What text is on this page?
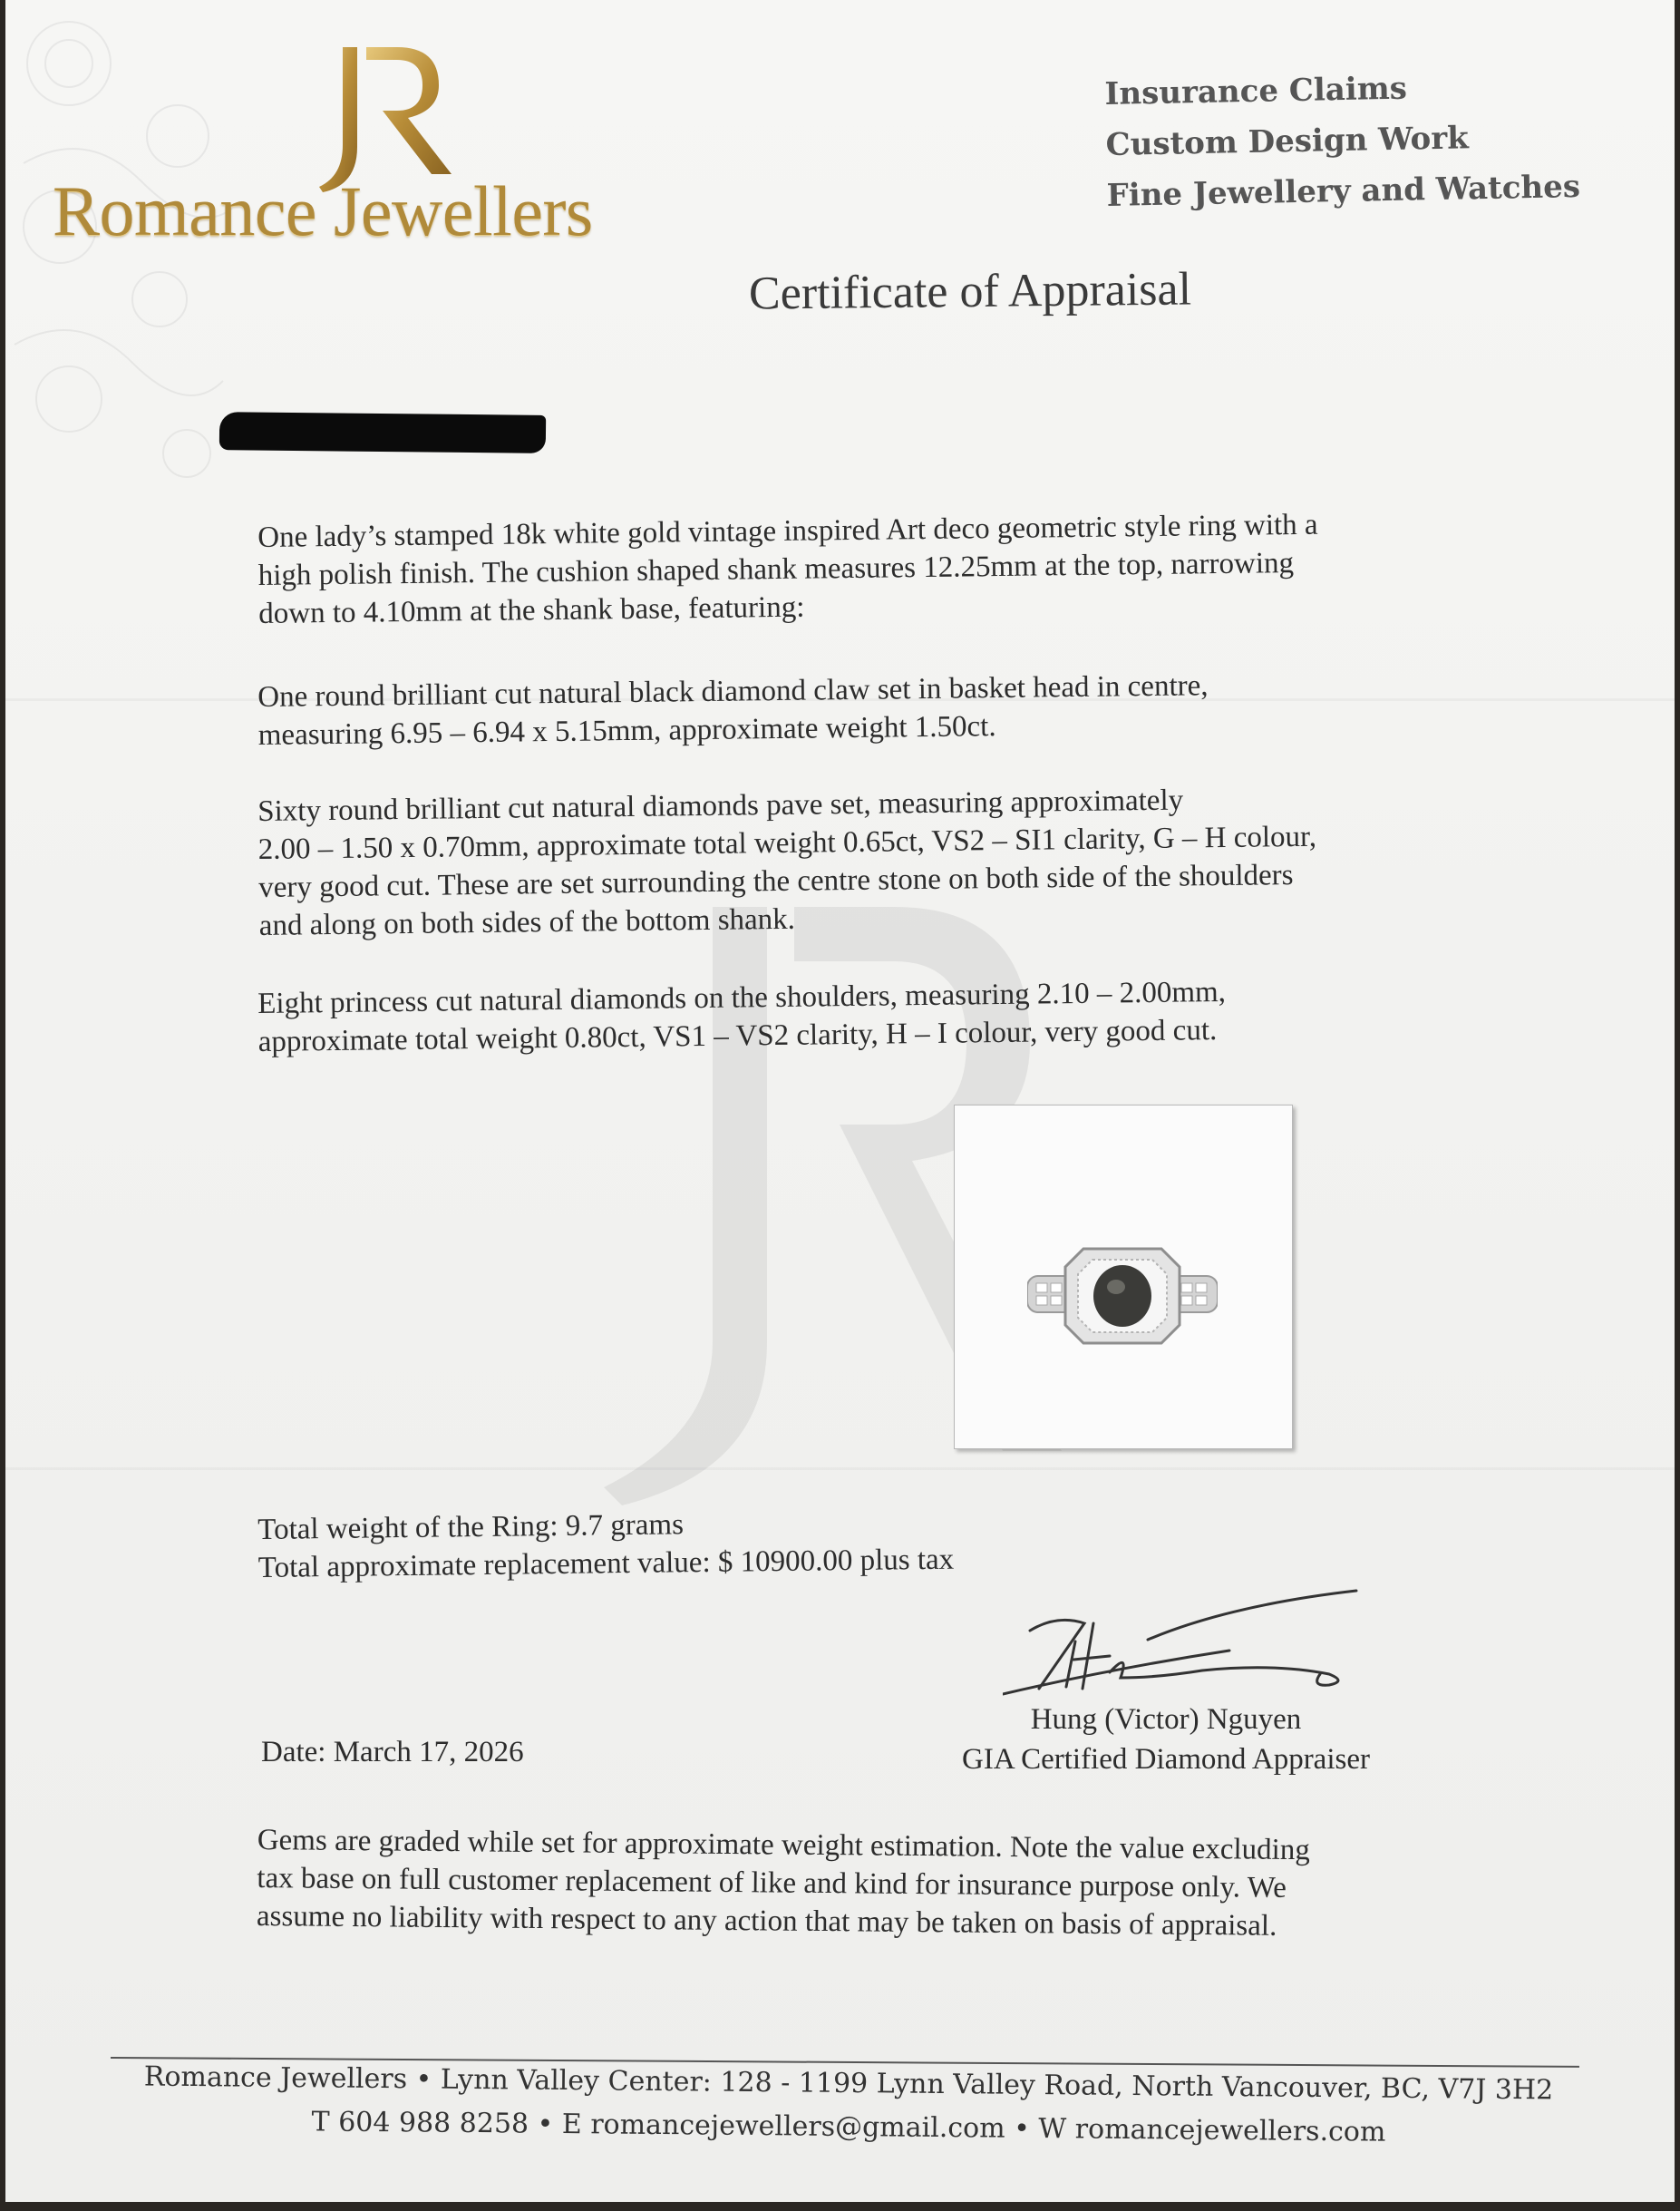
Romance Jewellers
Insurance Claims
Custom Design Work
Fine Jewellery and Watches
Certificate of Appraisal

One lady’s stamped 18k white gold vintage inspired Art deco geometric style ring with a

high polish finish. The cushion shaped shank measures 12.25mm at the top, narrowing

down to 4.10mm at the shank base, featuring:

One round brilliant cut natural black diamond claw set in basket head in centre,

measuring 6.95 – 6.94 x 5.15mm, approximate weight 1.50ct.

Sixty round brilliant cut natural diamonds pave set, measuring approximately

2.00 – 1.50 x 0.70mm, approximate total weight 0.65ct, VS2 – SI1 clarity, G – H colour,

very good cut. These are set surrounding the centre stone on both side of the shoulders

and along on both sides of the bottom shank.

Eight princess cut natural diamonds on the shoulders, measuring 2.10 – 2.00mm,

approximate total weight 0.80ct, VS1 – VS2 clarity, H – I colour, very good cut.

Total weight of the Ring: 9.7 grams

Total approximate replacement value: $ 10900.00 plus tax

Hung (Victor) Nguyen
GIA Certified Diamond Appraiser
Date: March 17, 2026

Gems are graded while set for approximate weight estimation. Note the value excluding

tax base on full customer replacement of like and kind for insurance purpose only. We

assume no liability with respect to any action that may be taken on basis of appraisal.

Romance Jewellers • Lynn Valley Center: 128 - 1199 Lynn Valley Road, North Vancouver, BC, V7J 3H2
T 604 988 8258 • E romancejewellers@gmail.com • W romancejewellers.com
